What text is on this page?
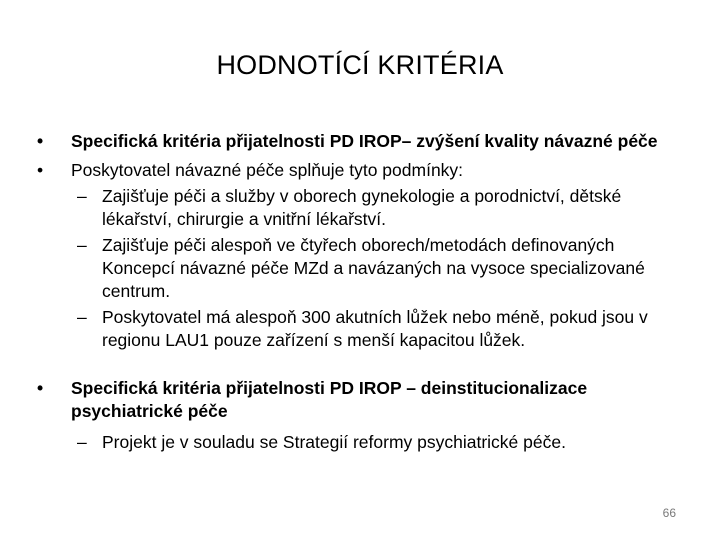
HODNOTÍCÍ KRITÉRIA
•	Specifická kritéria přijatelnosti PD IROP– zvýšení kvality návazné péče
•	Poskytovatel návazné péče splňuje tyto podmínky:
– Zajišťuje péči a služby v oborech gynekologie a porodnictví, dětské lékařství, chirurgie a vnitřní lékařství.
– Zajišťuje péči alespoň ve čtyřech oborech/metodách definovaných Koncepcí návazné péče MZd a navázaných na vysoce specializované centrum.
– Poskytovatel má alespoň 300 akutních lůžek nebo méně, pokud jsou v regionu LAU1 pouze zařízení s menší kapacitou lůžek.
•	Specifická kritéria přijatelnosti PD IROP – deinstitucionalizace psychiatrické péče
– Projekt je v souladu se Strategií reformy psychiatrické péče.
66
